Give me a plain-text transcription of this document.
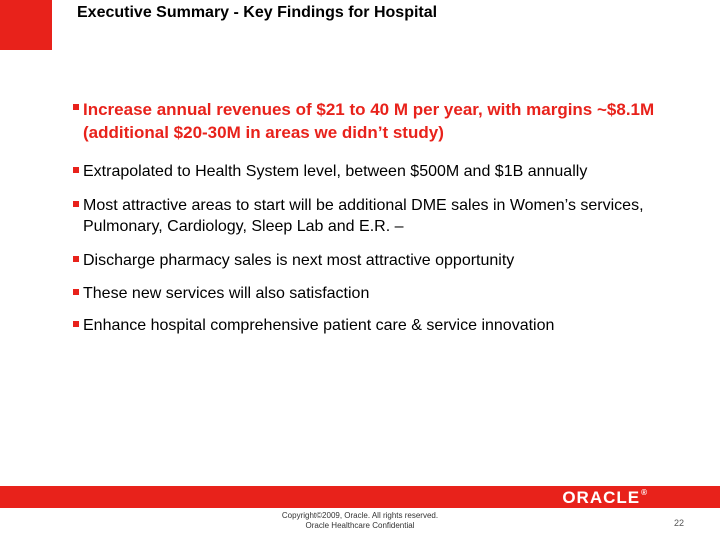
Executive Summary - Key Findings for Hospital
Increase annual revenues of $21 to 40 M per year, with margins ~$8.1M (additional $20-30M in areas we didn’t study)
Extrapolated to Health System level, between $500M and $1B annually
Most attractive areas to start will be additional DME sales in Women’s services, Pulmonary, Cardiology, Sleep Lab and E.R. –
Discharge pharmacy sales is next most attractive opportunity
These new services will also satisfaction
Enhance hospital comprehensive patient care & service innovation
ORACLE®
Copyright©2009, Oracle. All rights reserved. Oracle Healthcare Confidential	22
